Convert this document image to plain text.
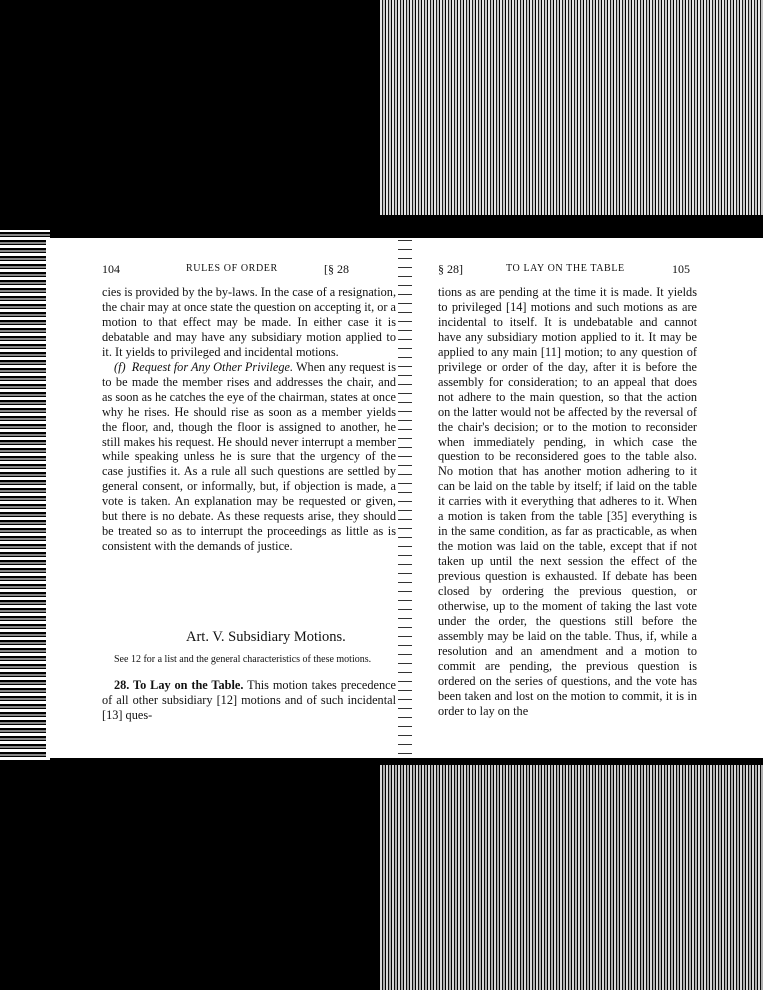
104	RULES OF ORDER	[§ 28

cies is provided by the by-laws. In the case of a resignation, the chair may at once state the question on accepting it, or a motion to that effect may be made. In either case it is debatable and may have any subsidiary motion applied to it. It yields to privileged and incidental motions.

(f) Request for Any Other Privilege. When any request is to be made the member rises and addresses the chair, and as soon as he catches the eye of the chairman, states at once why he rises. He should rise as soon as a member yields the floor, and, though the floor is assigned to another, he still makes his request. He should never interrupt a member while speaking unless he is sure that the urgency of the case justifies it. As a rule all such questions are settled by general consent, or informally, but, if objection is made, a vote is taken. An explanation may be requested or given, but there is no debate. As these requests arise, they should be treated so as to interrupt the proceedings as little as is consistent with the demands of justice.

Art. V. Subsidiary Motions.

See 12 for a list and the general characteristics of these motions.

28. To Lay on the Table. This motion takes precedence of all other subsidiary [12] motions and of such incidental [13] ques-

§ 28]	TO LAY ON THE TABLE	105

tions as are pending at the time it is made. It yields to privileged [14] motions and such motions as are incidental to itself. It is undebatable and cannot have any subsidiary motion applied to it. It may be applied to any main [11] motion; to any question of privilege or order of the day, after it is before the assembly for consideration; to an appeal that does not adhere to the main question, so that the action on the latter would not be affected by the reversal of the chair's decision; or to the motion to reconsider when immediately pending, in which case the question to be reconsidered goes to the table also. No motion that has another motion adhering to it can be laid on the table by itself; if laid on the table it carries with it everything that adheres to it. When a motion is taken from the table [35] everything is in the same condition, as far as practicable, as when the motion was laid on the table, except that if not taken up until the next session the effect of the previous question is exhausted. If debate has been closed by ordering the previous question, or otherwise, up to the moment of taking the last vote under the order, the questions still before the assembly may be laid on the table. Thus, if, while a resolution and an amendment and a motion to commit are pending, the previous question is ordered on the series of questions, and the vote has been taken and lost on the motion to commit, it is in order to lay on the
